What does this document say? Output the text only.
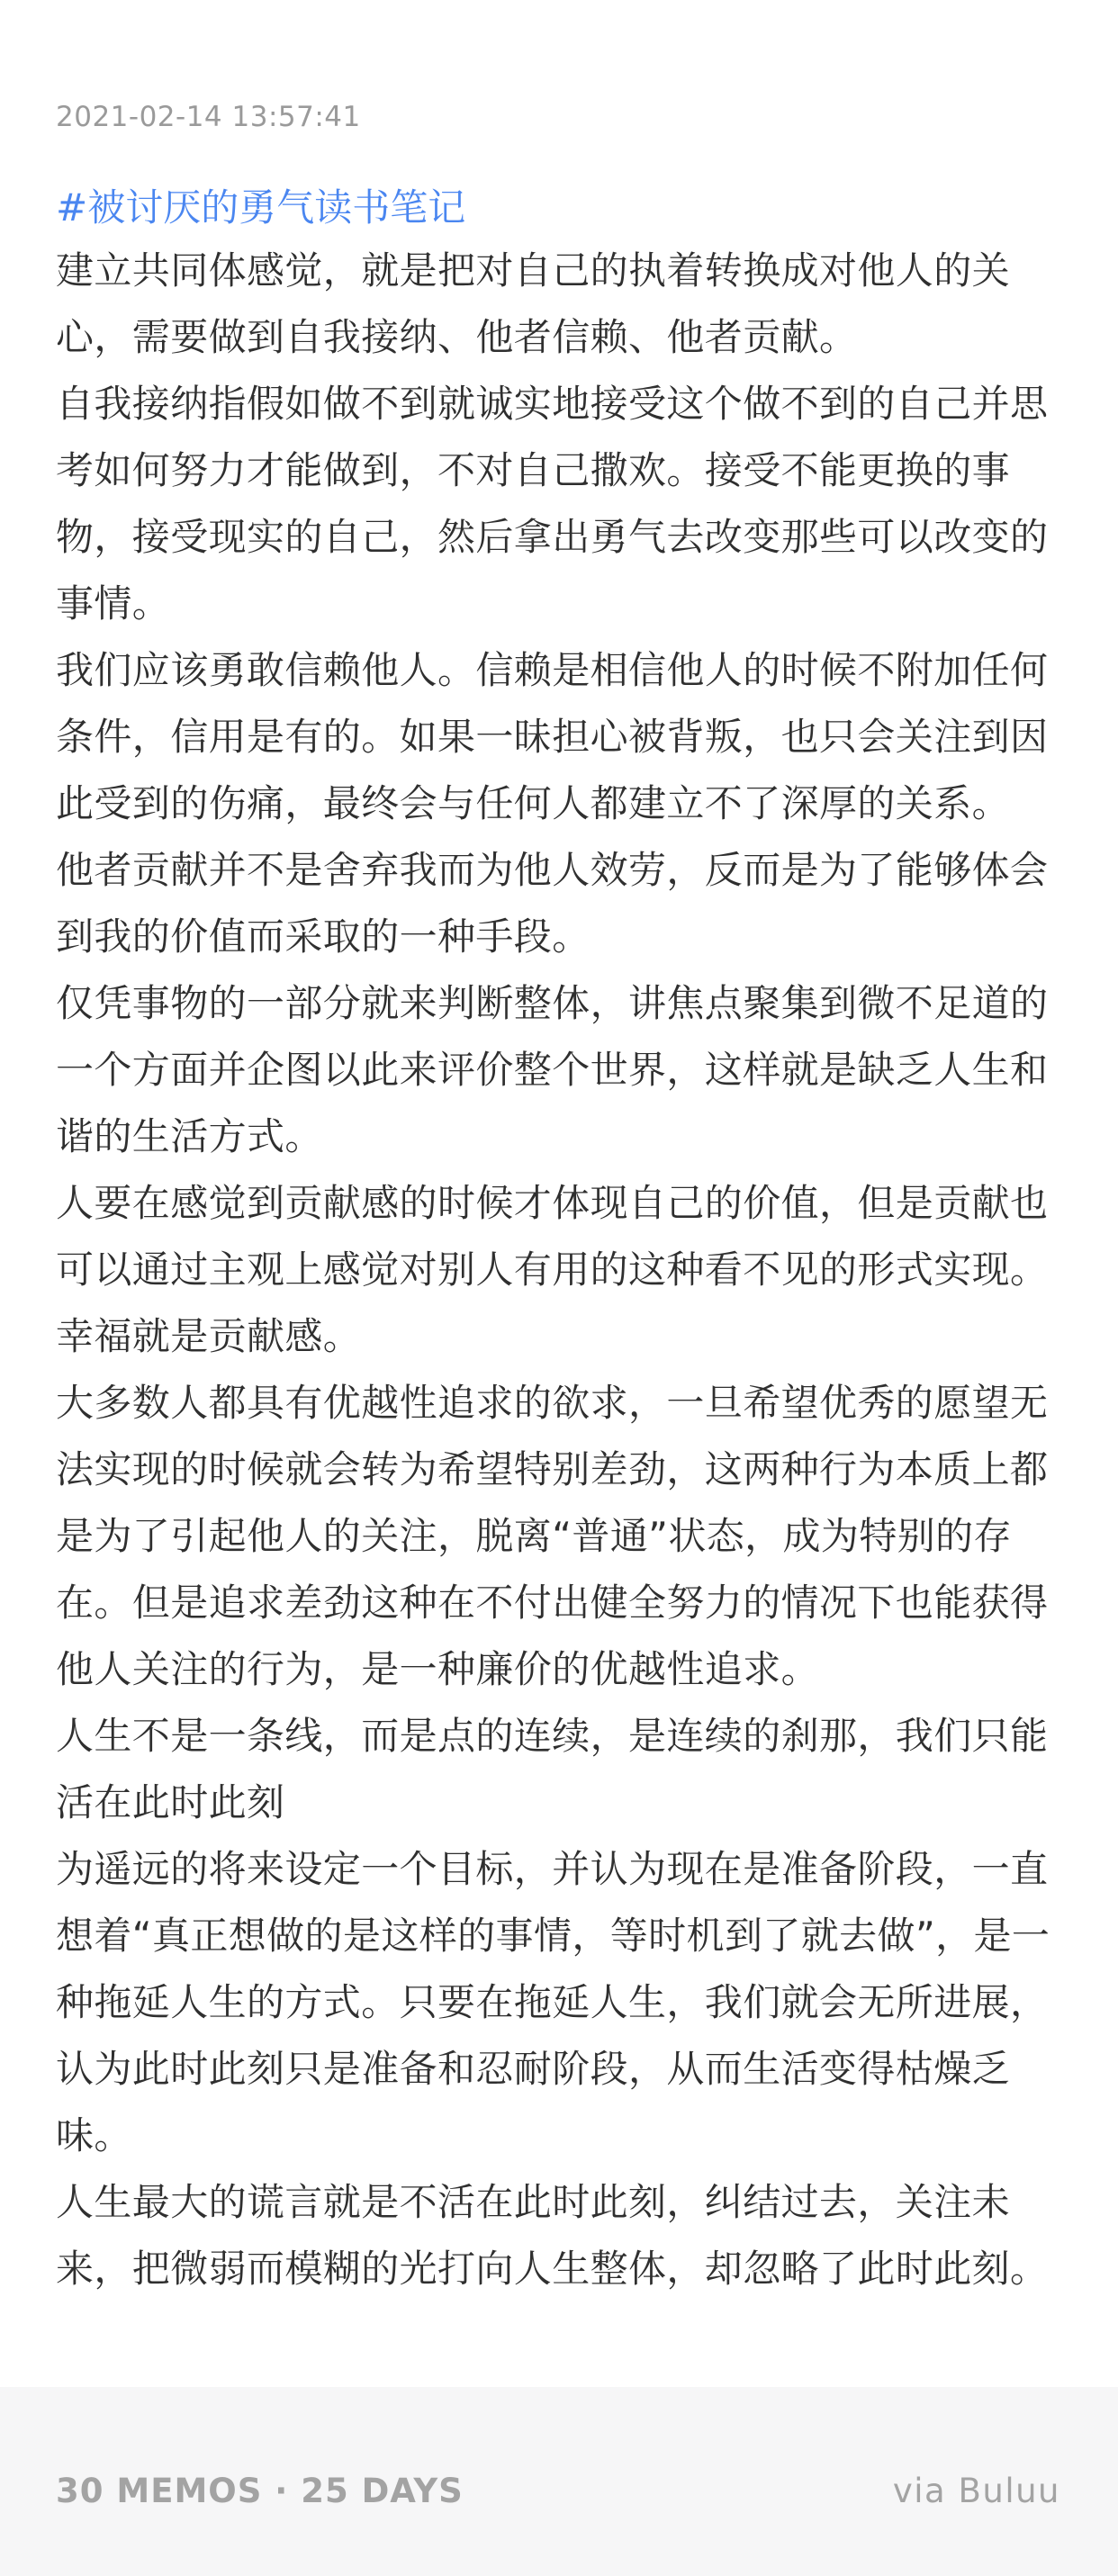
2021-02-14 13:57:41
#被讨厌的勇气读书笔记
建立共同体感觉，就是把对自己的执着转换成对他人的关
心，需要做到自我接纳、他者信赖、他者贡献。
自我接纳指假如做不到就诚实地接受这个做不到的自己并思
考如何努力才能做到，不对自己撒欢。接受不能更换的事
物，接受现实的自己，然后拿出勇气去改变那些可以改变的
事情。
我们应该勇敢信赖他人。信赖是相信他人的时候不附加任何
条件，信用是有的。如果一昧担心被背叛，也只会关注到因
此受到的伤痛，最终会与任何人都建立不了深厚的关系。
他者贡献并不是舍弃我而为他人效劳，反而是为了能够体会
到我的价值而采取的一种手段。
仅凭事物的一部分就来判断整体，讲焦点聚集到微不足道的
一个方面并企图以此来评价整个世界，这样就是缺乏人生和
谐的生活方式。
人要在感觉到贡献感的时候才体现自己的价值，但是贡献也
可以通过主观上感觉对别人有用的这种看不见的形式实现。
幸福就是贡献感。
大多数人都具有优越性追求的欲求，一旦希望优秀的愿望无
法实现的时候就会转为希望特别差劲，这两种行为本质上都
是为了引起他人的关注，脱离“普通”状态，成为特别的存
在。但是追求差劲这种在不付出健全努力的情况下也能获得
他人关注的行为，是一种廉价的优越性追求。
人生不是一条线，而是点的连续，是连续的刹那，我们只能
活在此时此刻
为遥远的将来设定一个目标，并认为现在是准备阶段，一直
想着“真正想做的是这样的事情，等时机到了就去做”，是一
种拖延人生的方式。只要在拖延人生，我们就会无所进展，
认为此时此刻只是准备和忍耐阶段，从而生活变得枯燥乏
味。
人生最大的谎言就是不活在此时此刻，纠结过去，关注未
来，把微弱而模糊的光打向人生整体，却忽略了此时此刻。
30 MEMOS · 25 DAYS	via Buluu
